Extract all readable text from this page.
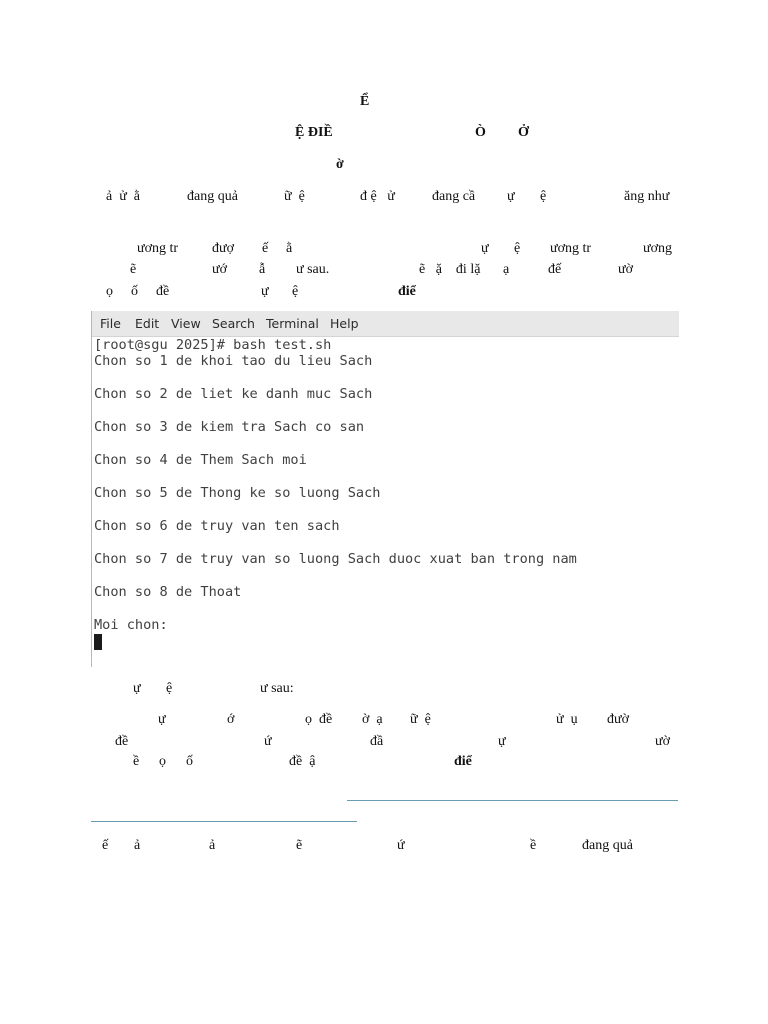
Ể
Ệ ĐIỀ	Ò Ở
ờ
ả  ử  ằ	đang quả	ữ  ệ	đ ệ   ử	đang cầ ự ệ	ăng như
ương tr đượ ế ằ	ự ệ ương tr	ương
ẽ	ướ ẫ ư sau.	ẽ   ặ    đi lặ ạ	đế	ườ
ọ ố đề	ự ệ	điể
File Edit View Search Terminal Help
[root@sgu 2025]# bash test.sh
Chon so 1 de khoi tao du lieu Sach
Chon so 2 de liet ke danh muc Sach
Chon so 3 de kiem tra Sach co san
Chon so 4 de Them Sach moi
Chon so 5 de Thong ke so luong Sach
Chon so 6 de truy van ten sach
Chon so 7 de truy van so luong Sach duoc xuat ban trong nam
Chon so 8 de Thoat
Moi chon:
ự ệ	ư sau:
ự	ớ	ọ  đề ờ  ạ ữ  ệ	ử  ụ đườ
đề	ứ	đầ	ự	ườ
ề ọ ố	đề  ậ	điể
ế ả	ả	ẽ	ứ	ề	đang quả
